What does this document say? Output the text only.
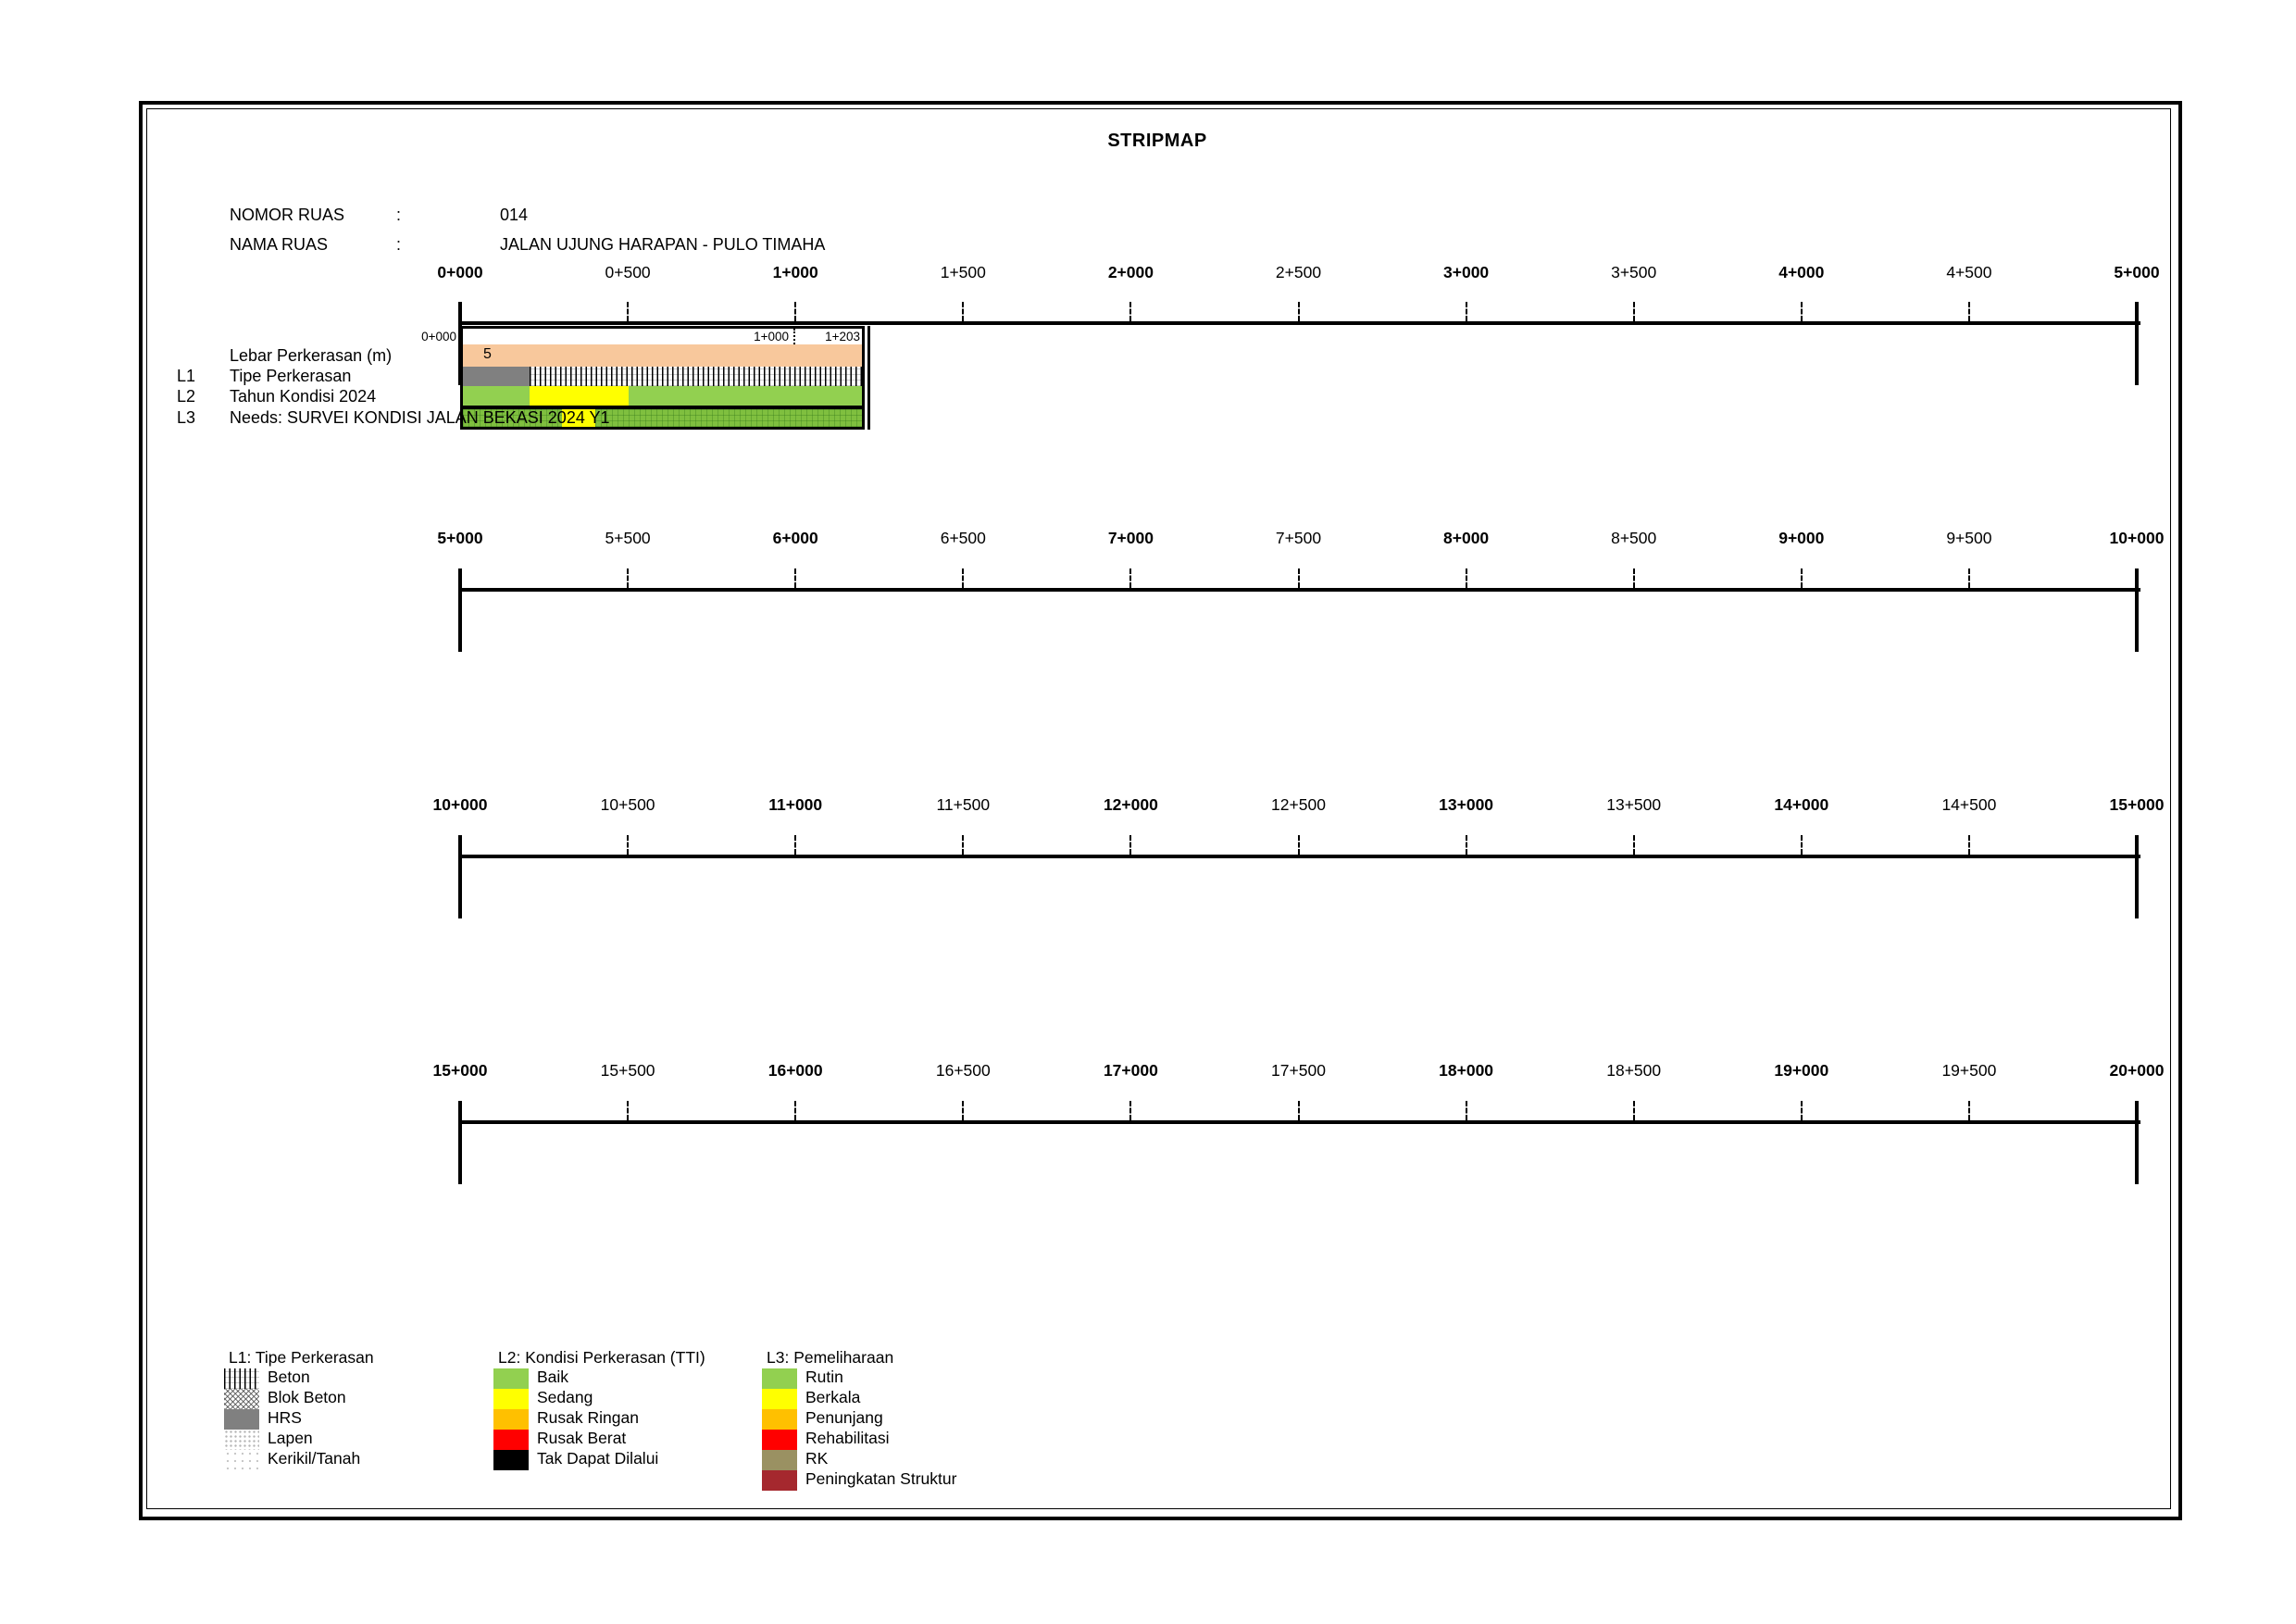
STRIPMAP
NOMOR RUAS	:	014
NAMA RUAS	:	JALAN UJUNG HARAPAN - PULO TIMAHA
0+000	0+500	1+000	1+500	2+000	2+500	3+000	3+500	4+000	4+500	5+000
5+000	5+500	6+000	6+500	7+000	7+500	8+000	8+500	9+000	9+500	10+000
10+000	10+500	11+000	11+500	12+000	12+500	13+000	13+500	14+000	14+500	15+000
15+000	15+500	16+000	16+500	17+000	17+500	18+000	18+500	19+000	19+500	20+000
0+000	1+000	1+203
5
Lebar Perkerasan (m)
L1 Tipe Perkerasan
L2 Tahun Kondisi 2024
L3 Needs: SURVEI KONDISI JALAN BEKASI 2024 Y1
L1: Tipe Perkerasan
Beton
Blok Beton
HRS
Lapen
Kerikil/Tanah
L2: Kondisi Perkerasan (TTI)
Baik
Sedang
Rusak Ringan
Rusak Berat
Tak Dapat Dilalui
L3: Pemeliharaan
Rutin
Berkala
Penunjang
Rehabilitasi
RK
Peningkatan Struktur
